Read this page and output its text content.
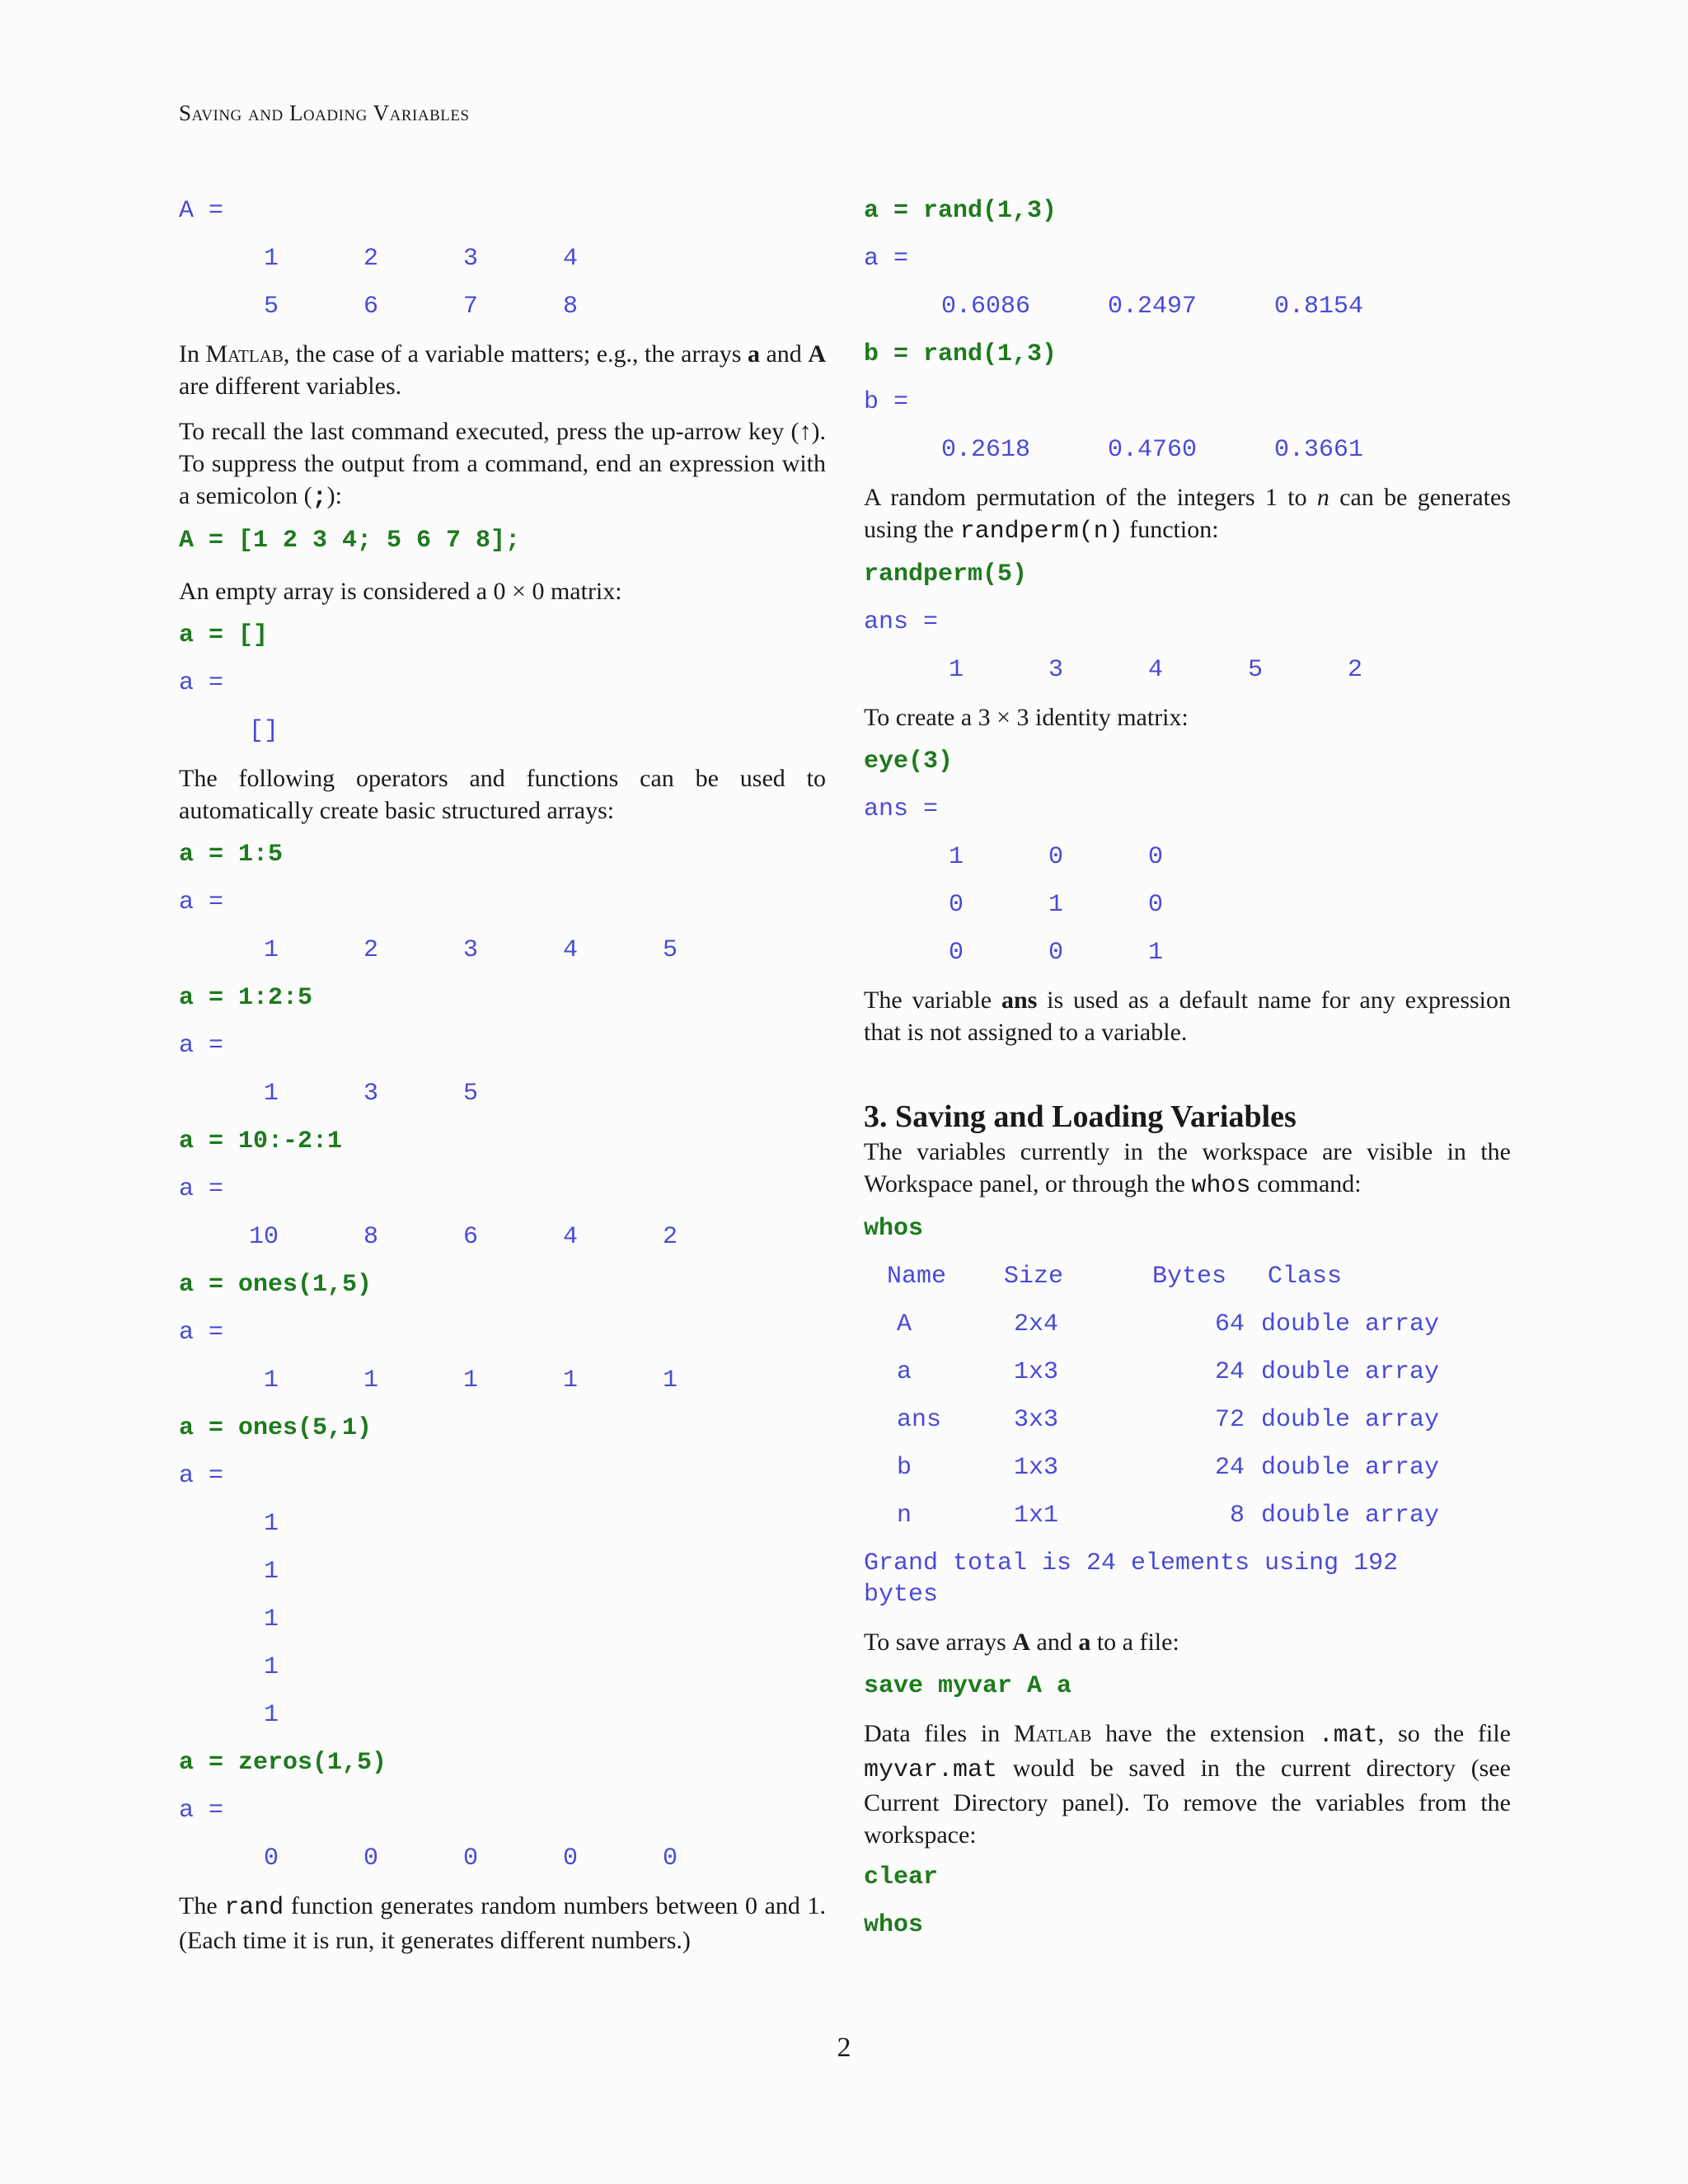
Saving and Loading Variables
A =
1	2	3	4
5	6	7	8

In Matlab, the case of a variable matters; e.g., the arrays a and A are different variables.

To recall the last command executed, press the up-arrow key (↑). To suppress the output from a command, end an expression with a semicolon (;):

A = [1 2 3 4; 5 6 7 8];

An empty array is considered a 0 × 0 matrix:

a = []
a =
[]

The following operators and functions can be used to automatically create basic structured arrays:

a = 1:5
a =
1	2	3	4	5
a = 1:2:5
a =
1	3	5
a = 10:-2:1
a =
10	8	6	4	2
a = ones(1,5)
a =
1	1	1	1	1
a = ones(5,1)
a =
1
1
1
1
1
a = zeros(1,5)
a =
0	0	0	0	0

The rand function generates random numbers between 0 and 1. (Each time it is run, it generates different numbers.)

a = rand(1,3)
a =
0.6086	0.2497	0.8154
b = rand(1,3)
b =
0.2618	0.4760	0.3661

A random permutation of the integers 1 to n can be generates using the randperm(n) function:

randperm(5)
ans =
1	3	4	5	2

To create a 3 × 3 identity matrix:

eye(3)
ans =
1	0	0
0	1	0
0	0	1

The variable ans is used as a default name for any expression that is not assigned to a variable.

3. Saving and Loading Variables

The variables currently in the workspace are visible in the Workspace panel, or through the whos command:

whos
Name	Size	Bytes	Class
A	2x4	64 double array
a	1x3	24 double array
ans	3x3	72 double array
b	1x3	24 double array
n	1x1	8 double array
Grand total is 24 elements using 192
bytes

To save arrays A and a to a file:

save myvar A a

Data files in Matlab have the extension .mat, so the file myvar.mat would be saved in the current directory (see Current Directory panel). To remove the variables from the workspace:

clear
whos
2
